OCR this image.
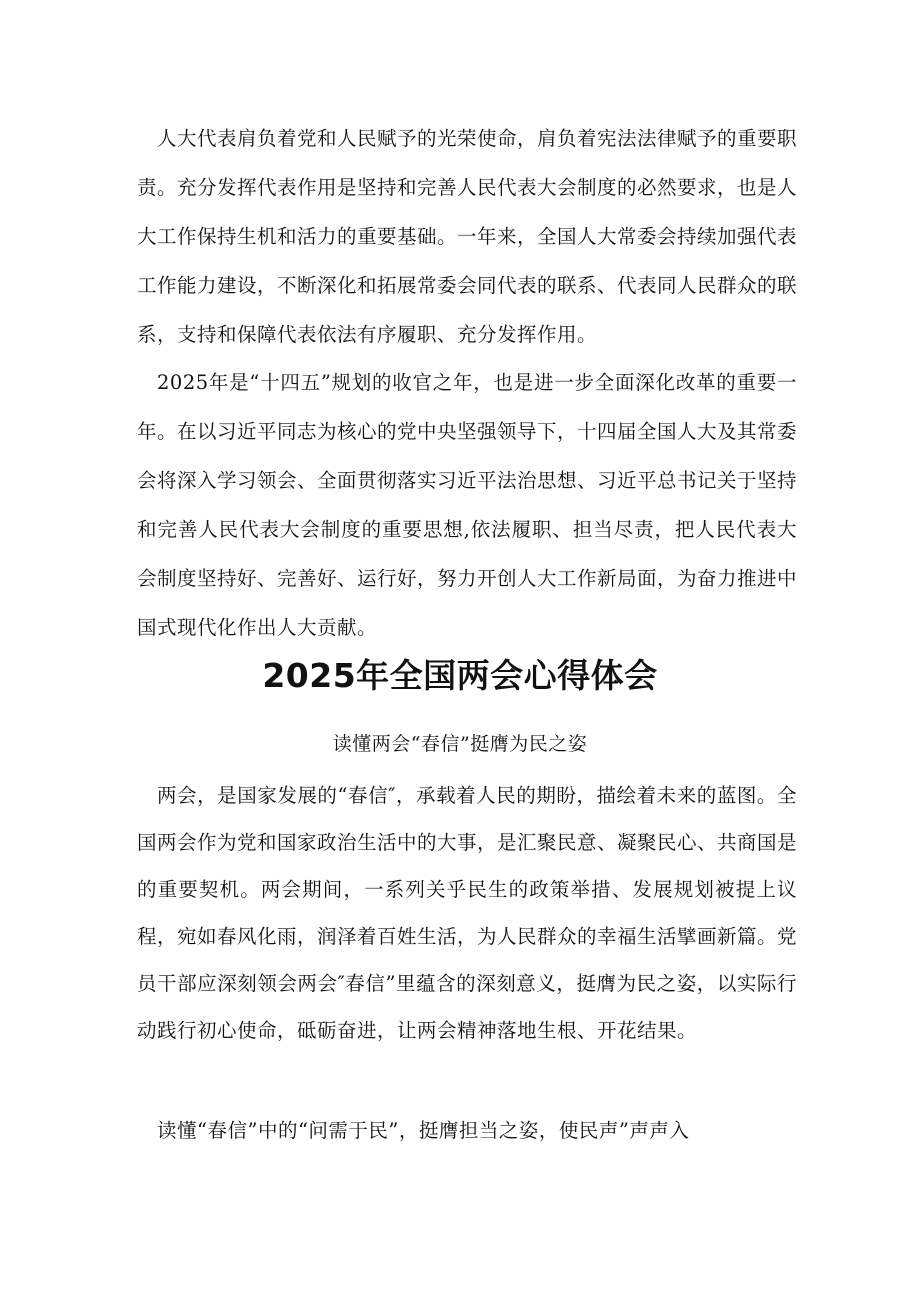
人大代表肩负着党和人民赋予的光荣使命，肩负着宪法法律赋予的重要职责。充分发挥代表作用是坚持和完善人民代表大会制度的必然要求，也是人大工作保持生机和活力的重要基础。一年来，全国人大常委会持续加强代表工作能力建设，不断深化和拓展常委会同代表的联系、代表同人民群众的联系，支持和保障代表依法有序履职、充分发挥作用。

2025年是“十四五”规划的收官之年，也是进一步全面深化改革的重要一年。在以习近平同志为核心的党中央坚强领导下，十四届全国人大及其常委会将深入学习领会、全面贯彻落实习近平法治思想、习近平总书记关于坚持和完善人民代表大会制度的重要思想,依法履职、担当尽责，把人民代表大会制度坚持好、完善好、运行好，努力开创人大工作新局面，为奋力推进中国式现代化作出人大贡献。

2025年全国两会心得体会

读懂两会“春信”挺膺为民之姿

两会，是国家发展的“春信″，承载着人民的期盼，描绘着未来的蓝图。全国两会作为党和国家政治生活中的大事，是汇聚民意、凝聚民心、共商国是的重要契机。两会期间，一系列关乎民生的政策举措、发展规划被提上议程，宛如春风化雨，润泽着百姓生活，为人民群众的幸福生活擘画新篇。党员干部应深刻领会两会″春信”里蕴含的深刻意义，挺膺为民之姿，以实际行动践行初心使命，砥砺奋进，让两会精神落地生根、开花结果。

读懂“春信”中的“问需于民”，挺膺担当之姿，使民声”声声入
